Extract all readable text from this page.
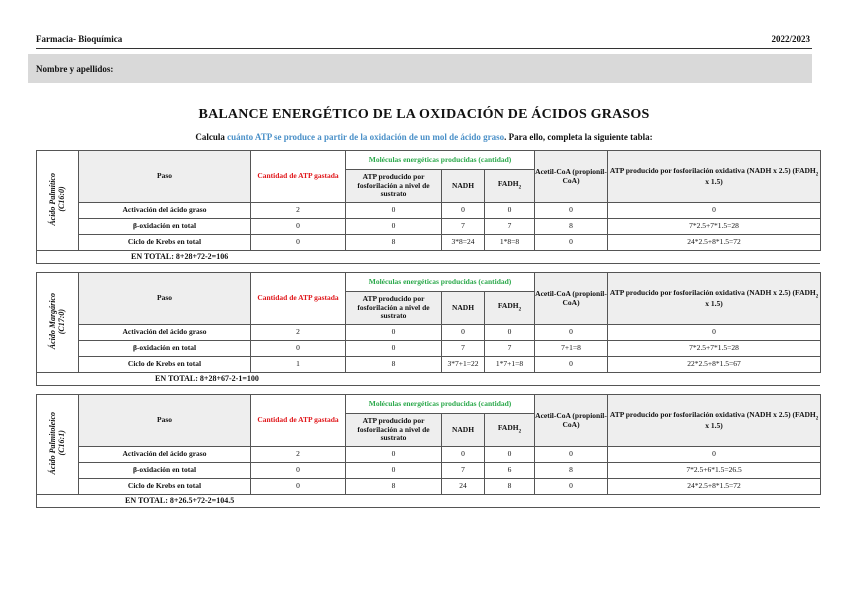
Farmacia- Bioquímica	2022/2023
Nombre y apellidos:
BALANCE ENERGÉTICO DE LA OXIDACIÓN DE ÁCIDOS GRASOS
Calcula cuánto ATP se produce a partir de la oxidación de un mol de ácido graso. Para ello, completa la siguiente tabla:
Ácido Palmítico
(C16:0)	Paso	Cantidad de ATP gastada	Moléculas energéticas producidas (cantidad)			Acetil-CoA (propionil-CoA)	ATP producido por fosforilación oxidativa (NADH x 2.5) ($FADH_2$ x 1.5)
			ATP producido por fosforilación a nivel de sustrato	NADH	$FADH_2$
	Activación del ácido graso	2	0	0	0	0	0
	β-oxidación en total	0	0	7	7	8	7*2.5+7*1.5=28
	Ciclo de Krebs en total	0	8	3*8=24	1*8=8	0	24*2.5+8*1.5=72
EN TOTAL: 8+28+72-2=106
Ácido Margárico
(C17:0)	Paso	Cantidad de ATP gastada	Moléculas energéticas producidas (cantidad)			Acetil-CoA (propionil-CoA)	ATP producido por fosforilación oxidativa (NADH x 2.5) ($FADH_2$ x 1.5)
			ATP producido por fosforilación a nivel de sustrato	NADH	$FADH_2$
	Activación del ácido graso	2	0	0	0	0	0
	β-oxidación en total	0	0	7	7	7+1=8	7*2.5+7*1.5=28
	Ciclo de Krebs en total	1	8	3*7+1=22	1*7+1=8	0	22*2.5+8*1.5=67
EN TOTAL: 8+28+67-2-1=100
Ácido Palmitoleico
(C16:1)	Paso	Cantidad de ATP gastada	Moléculas energéticas producidas (cantidad)			Acetil-CoA (propionil-CoA)	ATP producido por fosforilación oxidativa (NADH x 2.5) ($FADH_2$ x 1.5)
			ATP producido por fosforilación a nivel de sustrato	NADH	$FADH_2$
	Activación del ácido graso	2	0	0	0	0	0
	β-oxidación en total	0	0	7	6	8	7*2.5+6*1.5=26.5
	Ciclo de Krebs en total	0	8	24	8	0	24*2.5+8*1.5=72
EN TOTAL: 8+26.5+72-2=104.5
